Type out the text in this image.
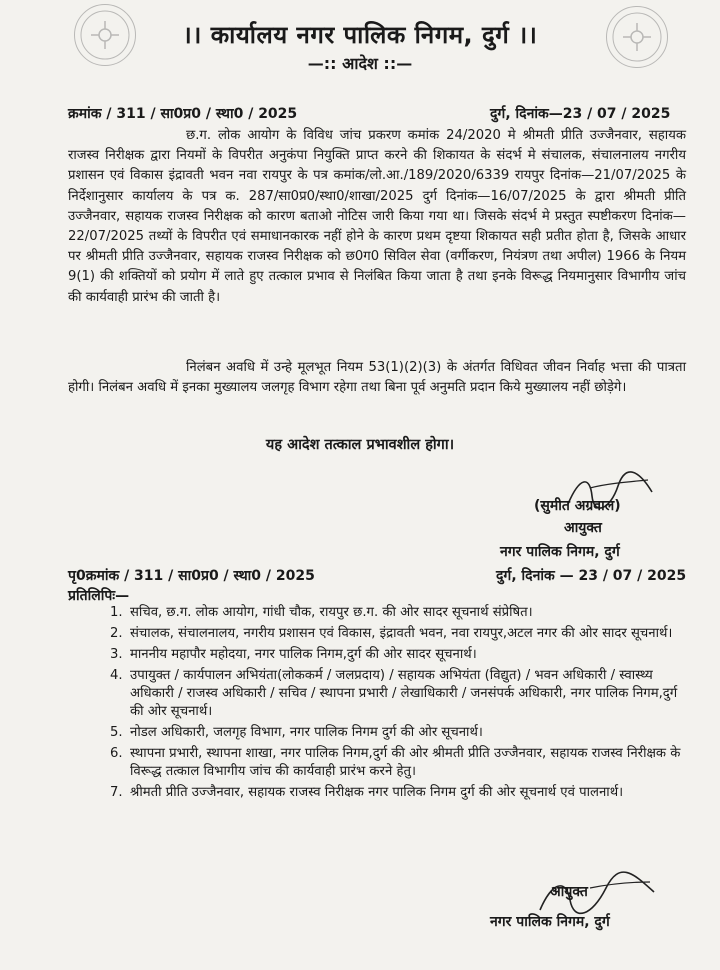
।। कार्यालय नगर पालिक निगम, दुर्ग ।।
—:: आदेश ::—
क्रमांक / 311 / सा0प्र0 / स्था0 / 2025	दुर्ग, दिनांक—23 / 07 / 2025
छ.ग. लोक आयोग के विविध जांच प्रकरण कमांक 24/2020 मे श्रीमती प्रीति उज्जैनवार, सहायक राजस्व निरीक्षक द्वारा नियमों के विपरीत अनुकंपा नियुक्ति प्राप्त करने की शिकायत के संदर्भ मे संचालक, संचालनालय नगरीय प्रशासन एवं विकास इंद्रावती भवन नवा रायपुर के पत्र कमांक/लो.आ./189/2020/6339 रायपुर दिनांक—21/07/2025 के निर्देशानुसार कार्यालय के पत्र क. 287/सा0प्र0/स्था0/शाखा/2025 दुर्ग दिनांक—16/07/2025 के द्वारा श्रीमती प्रीति उज्जैनवार, सहायक राजस्व निरीक्षक को कारण बताओ नोटिस जारी किया गया था। जिसके संदर्भ मे प्रस्तुत स्पष्टीकरण दिनांक—22/07/2025 तथ्यों के विपरीत एवं समाधानकारक नहीं होने के कारण प्रथम दृष्टया शिकायत सही प्रतीत होता है, जिसके आधार पर श्रीमती प्रीति उज्जैनवार, सहायक राजस्व निरीक्षक को छ0ग0 सिविल सेवा (वर्गीकरण, नियंत्रण तथा अपील) 1966 के नियम 9(1) की शक्तियों को प्रयोग में लाते हुए तत्काल प्रभाव से निलंबित किया जाता है तथा इनके विरूद्ध नियमानुसार विभागीय जांच की कार्यवाही प्रारंभ की जाती है।
निलंबन अवधि में उन्हे मूलभूत नियम 53(1)(2)(3) के अंतर्गत विधिवत जीवन निर्वाह भत्ता की पात्रता होगी। निलंबन अवधि में इनका मुख्यालय जलगृह विभाग रहेगा तथा बिना पूर्व अनुमति प्रदान किये मुख्यालय नहीं छोड़ेगे।
यह आदेश तत्काल प्रभावशील होगा।
(सुमीत अग्रवाल)
आयुक्त
नगर पालिक निगम, दुर्ग
पृ0क्रमांक / 311 / सा0प्र0 / स्था0 / 2025	दुर्ग, दिनांक — 23 / 07 / 2025
प्रतिलिपिः—
1. सचिव, छ.ग. लोक आयोग, गांधी चौक, रायपुर छ.ग. की ओर सादर सूचनार्थ संप्रेषित।
2. संचालक, संचालनालय, नगरीय प्रशासन एवं विकास, इंद्रावती भवन, नवा रायपुर,अटल नगर की ओर सादर सूचनार्थ।
3. माननीय महापौर महोदया, नगर पालिक निगम,दुर्ग की ओर सादर सूचनार्थ।
4. उपायुक्त / कार्यपालन अभियंता(लोककर्म / जलप्रदाय) / सहायक अभियंता (विद्युत) / भवन अधिकारी / स्वास्थ्य अधिकारी / राजस्व अधिकारी / सचिव / स्थापना प्रभारी / लेखाधिकारी / जनसंपर्क अधिकारी, नगर पालिक निगम,दुर्ग की ओर सूचनार्थ।
5. नोडल अधिकारी, जलगृह विभाग, नगर पालिक निगम दुर्ग की ओर सूचनार्थ।
6. स्थापना प्रभारी, स्थापना शाखा, नगर पालिक निगम,दुर्ग की ओर श्रीमती प्रीति उज्जैनवार, सहायक राजस्व निरीक्षक के विरूद्ध तत्काल विभागीय जांच की कार्यवाही प्रारंभ करने हेतु।
7. श्रीमती प्रीति उज्जैनवार, सहायक राजस्व निरीक्षक नगर पालिक निगम दुर्ग की ओर सूचनार्थ एवं पालनार्थ।
आयुक्त
नगर पालिक निगम, दुर्ग
